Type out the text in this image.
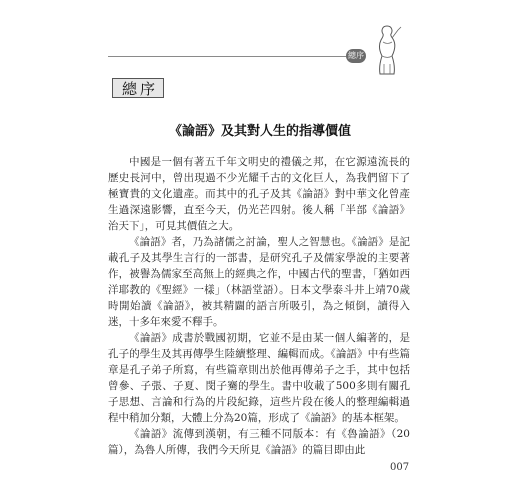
總序
總序
《論語》及其對人生的指導價值

中國是一個有著五千年文明史的禮儀之邦，在它源遠流長的歷史長河中，曾出現過不少光耀千古的文化巨人，為我們留下了極寶貴的文化遺產。而其中的孔子及其《論語》對中華文化曾產生過深遠影響，直至今天，仍光芒四射。後人稱「半部《論語》治天下」，可見其價值之大。

《論語》者，乃為諸儒之討論，聖人之智慧也。《論語》是記載孔子及其學生言行的一部書，是研究孔子及儒家學說的主要著作，被譽為儒家至高無上的經典之作，中國古代的聖書，「猶如西洋耶教的《聖經》一樣」（林語堂語）。日本文學泰斗井上靖70歲時開始讀《論語》，被其精闢的語言所吸引，為之傾倒，讀得入迷，十多年來愛不釋手。

《論語》成書於戰國初期，它並不是由某一個人編著的，是孔子的學生及其再傳學生陸續整理、編輯而成。《論語》中有些篇章是孔子弟子所寫，有些篇章則出於他再傳弟子之手，其中包括曾參、子張、子夏、閔子騫的學生。書中收載了500多則有關孔子思想、言論和行為的片段紀錄，這些片段在後人的整理編輯過程中稍加分類，大體上分為20篇，形成了《論語》的基本框架。

《論語》流傳到漢朝，有三種不同版本：有《魯論語》（20篇），為魯人所傳，我們今天所見《論語》的篇目即由此

007
